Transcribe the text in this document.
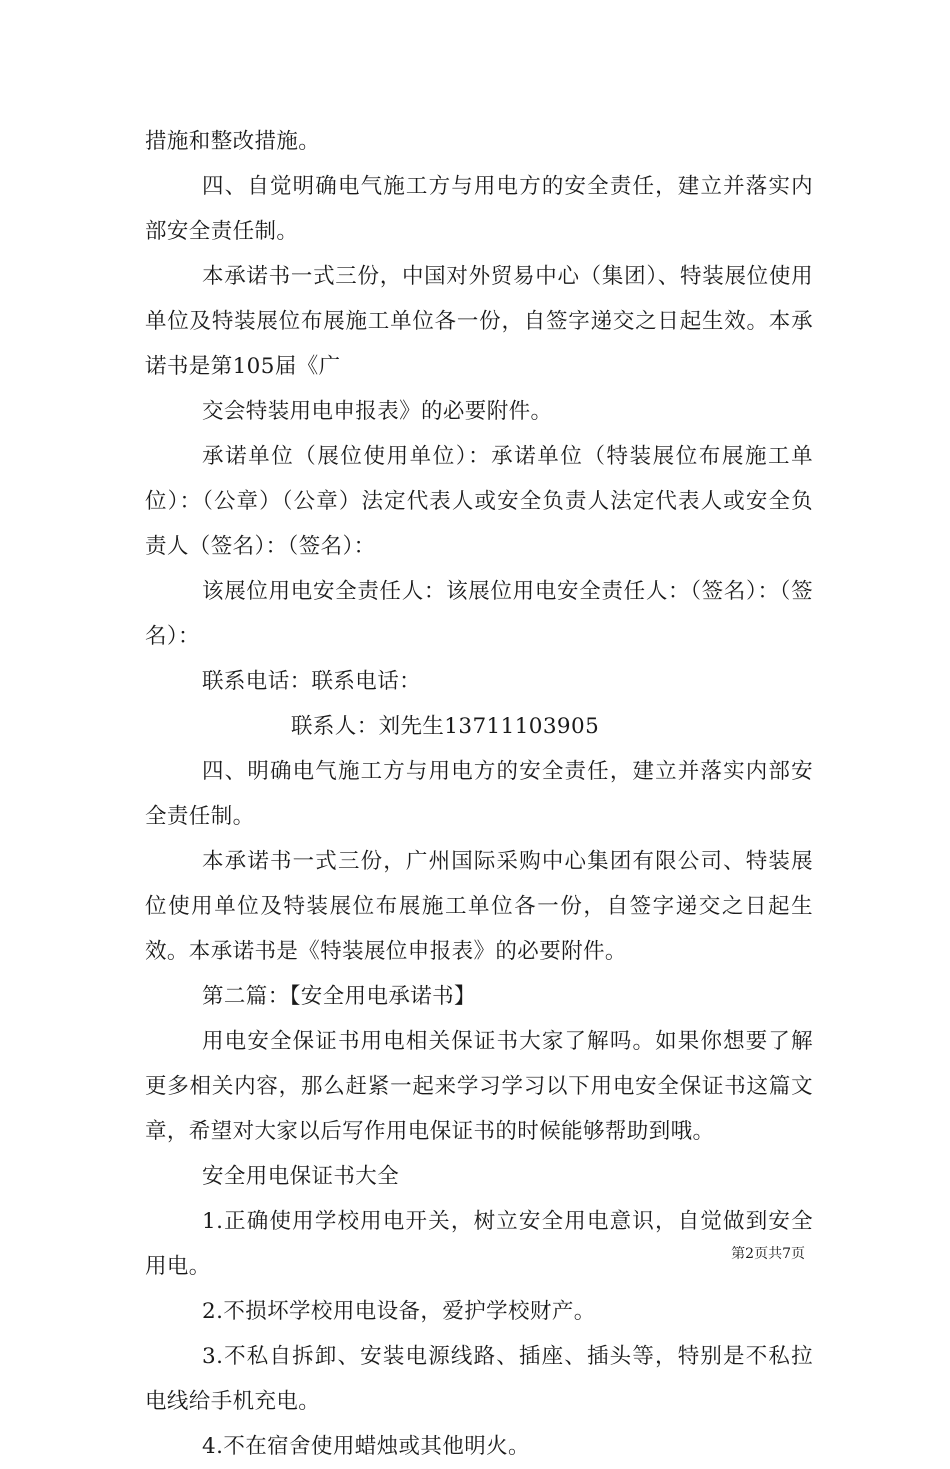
措施和整改措施。

四、自觉明确电气施工方与用电方的安全责任，建立并落实内部安全责任制。

本承诺书一式三份，中国对外贸易中心（集团）、特装展位使用单位及特装展位布展施工单位各一份，自签字递交之日起生效。本承诺书是第105届《广

交会特装用电申报表》的必要附件。

承诺单位（展位使用单位）：承诺单位（特装展位布展施工单位）：（公章）（公章）法定代表人或安全负责人法定代表人或安全负责人（签名）：（签名）：

该展位用电安全责任人：该展位用电安全责任人：（签名）：（签名）：

联系电话：联系电话：

联系人：刘先生13711103905

四、明确电气施工方与用电方的安全责任，建立并落实内部安全责任制。

本承诺书一式三份，广州国际采购中心集团有限公司、特装展位使用单位及特装展位布展施工单位各一份，自签字递交之日起生效。本承诺书是《特装展位申报表》的必要附件。

第二篇：【安全用电承诺书】

用电安全保证书用电相关保证书大家了解吗。如果你想要了解更多相关内容，那么赶紧一起来学习学习以下用电安全保证书这篇文章，希望对大家以后写作用电保证书的时候能够帮助到哦。

安全用电保证书大全

1.正确使用学校用电开关，树立安全用电意识，自觉做到安全用电。

2.不损坏学校用电设备，爱护学校财产。

3.不私自拆卸、安装电源线路、插座、插头等，特别是不私拉电线给手机充电。

4.不在宿舍使用蜡烛或其他明火。

第2页共7页
